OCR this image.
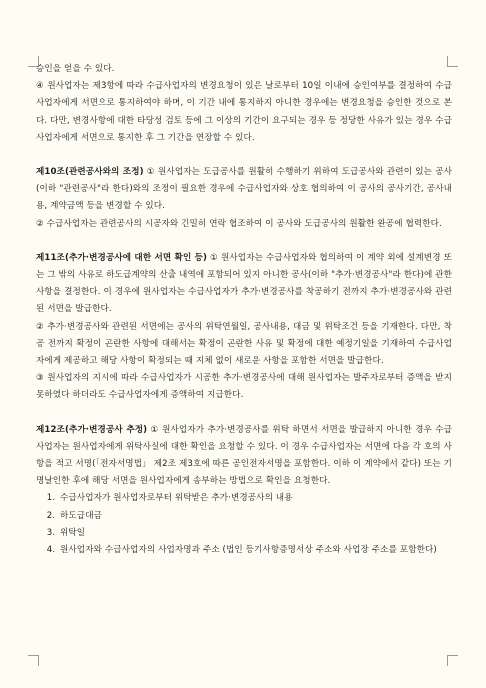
승인을 얻을 수 있다.

④ 원사업자는 제3항에 따라 수급사업자의 변경요청이 있은 날로부터 10일 이내에 승인여부를 결정하여 수급사업자에게 서면으로 통지하여야 하며, 이 기간 내에 통지하지 아니한 경우에는 변경요청을 승인한 것으로 본다. 다만, 변경사항에 대한 타당성 검토 등에 그 이상의 기간이 요구되는 경우 등 정당한 사유가 있는 경우 수급사업자에게 서면으로 통지한 후 그 기간을 연장할 수 있다.

제10조(관련공사와의 조정) ① 원사업자는 도급공사를 원활히 수행하기 위하여 도급공사와 관련이 있는 공사(이하 "관련공사"라 한다)와의 조정이 필요한 경우에 수급사업자와 상호 협의하여 이 공사의 공사기간, 공사내용, 계약금액 등을 변경할 수 있다.

② 수급사업자는 관련공사의 시공자와 긴밀히 연락 협조하여 이 공사와 도급공사의 원활한 완공에 협력한다.

제11조(추가·변경공사에 대한 서면 확인 등) ① 원사업자는 수급사업자와 협의하여 이 계약 외에 설계변경 또는 그 밖의 사유로 하도급계약의 산출 내역에 포함되어 있지 아니한 공사(이하 "추가·변경공사"라 한다)에 관한 사항을 결정한다. 이 경우에 원사업자는 수급사업자가 추가·변경공사를 착공하기 전까지 추가·변경공사와 관련된 서면을 발급한다.

② 추가·변경공사와 관련된 서면에는 공사의 위탁연월일, 공사내용, 대금 및 위탁조건 등을 기재한다. 다만, 착공 전까지 확정이 곤란한 사항에 대해서는 확정이 곤란한 사유 및 확정에 대한 예정기일을 기재하여 수급사업자에게 제공하고 해당 사항이 확정되는 때 지체 없이 새로운 사항을 포함한 서면을 발급한다.

③ 원사업자의 지시에 따라 수급사업자가 시공한 추가·변경공사에 대해 원사업자는 발주자로부터 증액을 받지 못하였다 하더라도 수급사업자에게 증액하여 지급한다.

제12조(추가·변경공사 추정) ① 원사업자가 추가·변경공사를 위탁 하면서 서면을 발급하지 아니한 경우 수급사업자는 원사업자에게 위탁사실에 대한 확인을 요청할 수 있다. 이 경우 수급사업자는 서면에 다음 각 호의 사항을 적고 서명(「전자서명법」 제2조 제3호에 따른 공인전자서명을 포함한다. 이하 이 계약에서 같다) 또는 기명날인한 후에 해당 서면을 원사업자에게 송부하는 방법으로 확인을 요청한다.

1. 수급사업자가 원사업자로부터 위탁받은 추가·변경공사의 내용
2. 하도급대금
3. 위탁일
4. 원사업자와 수급사업자의 사업자명과 주소 (법인 등기사항증명서상 주소와 사업장 주소를 포함한다)
